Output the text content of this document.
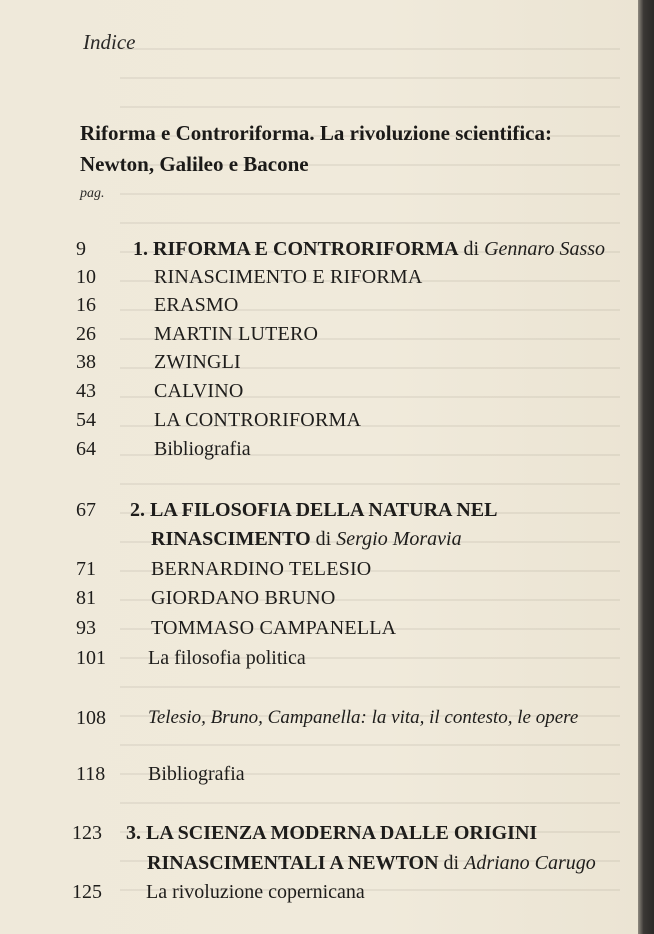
Indice
Riforma e Controriforma. La rivoluzione scientifica:
Newton, Galileo e Bacone
pag.
9 1. RIFORMA E CONTRORIFORMA di Gennaro Sasso
10	RINASCIMENTO E RIFORMA
16	ERASMO
26	MARTIN LUTERO
38	ZWINGLI
43	CALVINO
54	LA CONTRORIFORMA
64	Bibliografia
67 2. LA FILOSOFIA DELLA NATURA NEL
RINASCIMENTO di Sergio Moravia
71	BERNARDINO TELESIO
81	GIORDANO BRUNO
93	TOMMASO CAMPANELLA
101 La filosofia politica
108 Telesio, Bruno, Campanella: la vita, il contesto, le opere
118 Bibliografia
123 3. LA SCIENZA MODERNA DALLE ORIGINI
RINASCIMENTALI A NEWTON di Adriano Carugo
125 La rivoluzione copernicana
